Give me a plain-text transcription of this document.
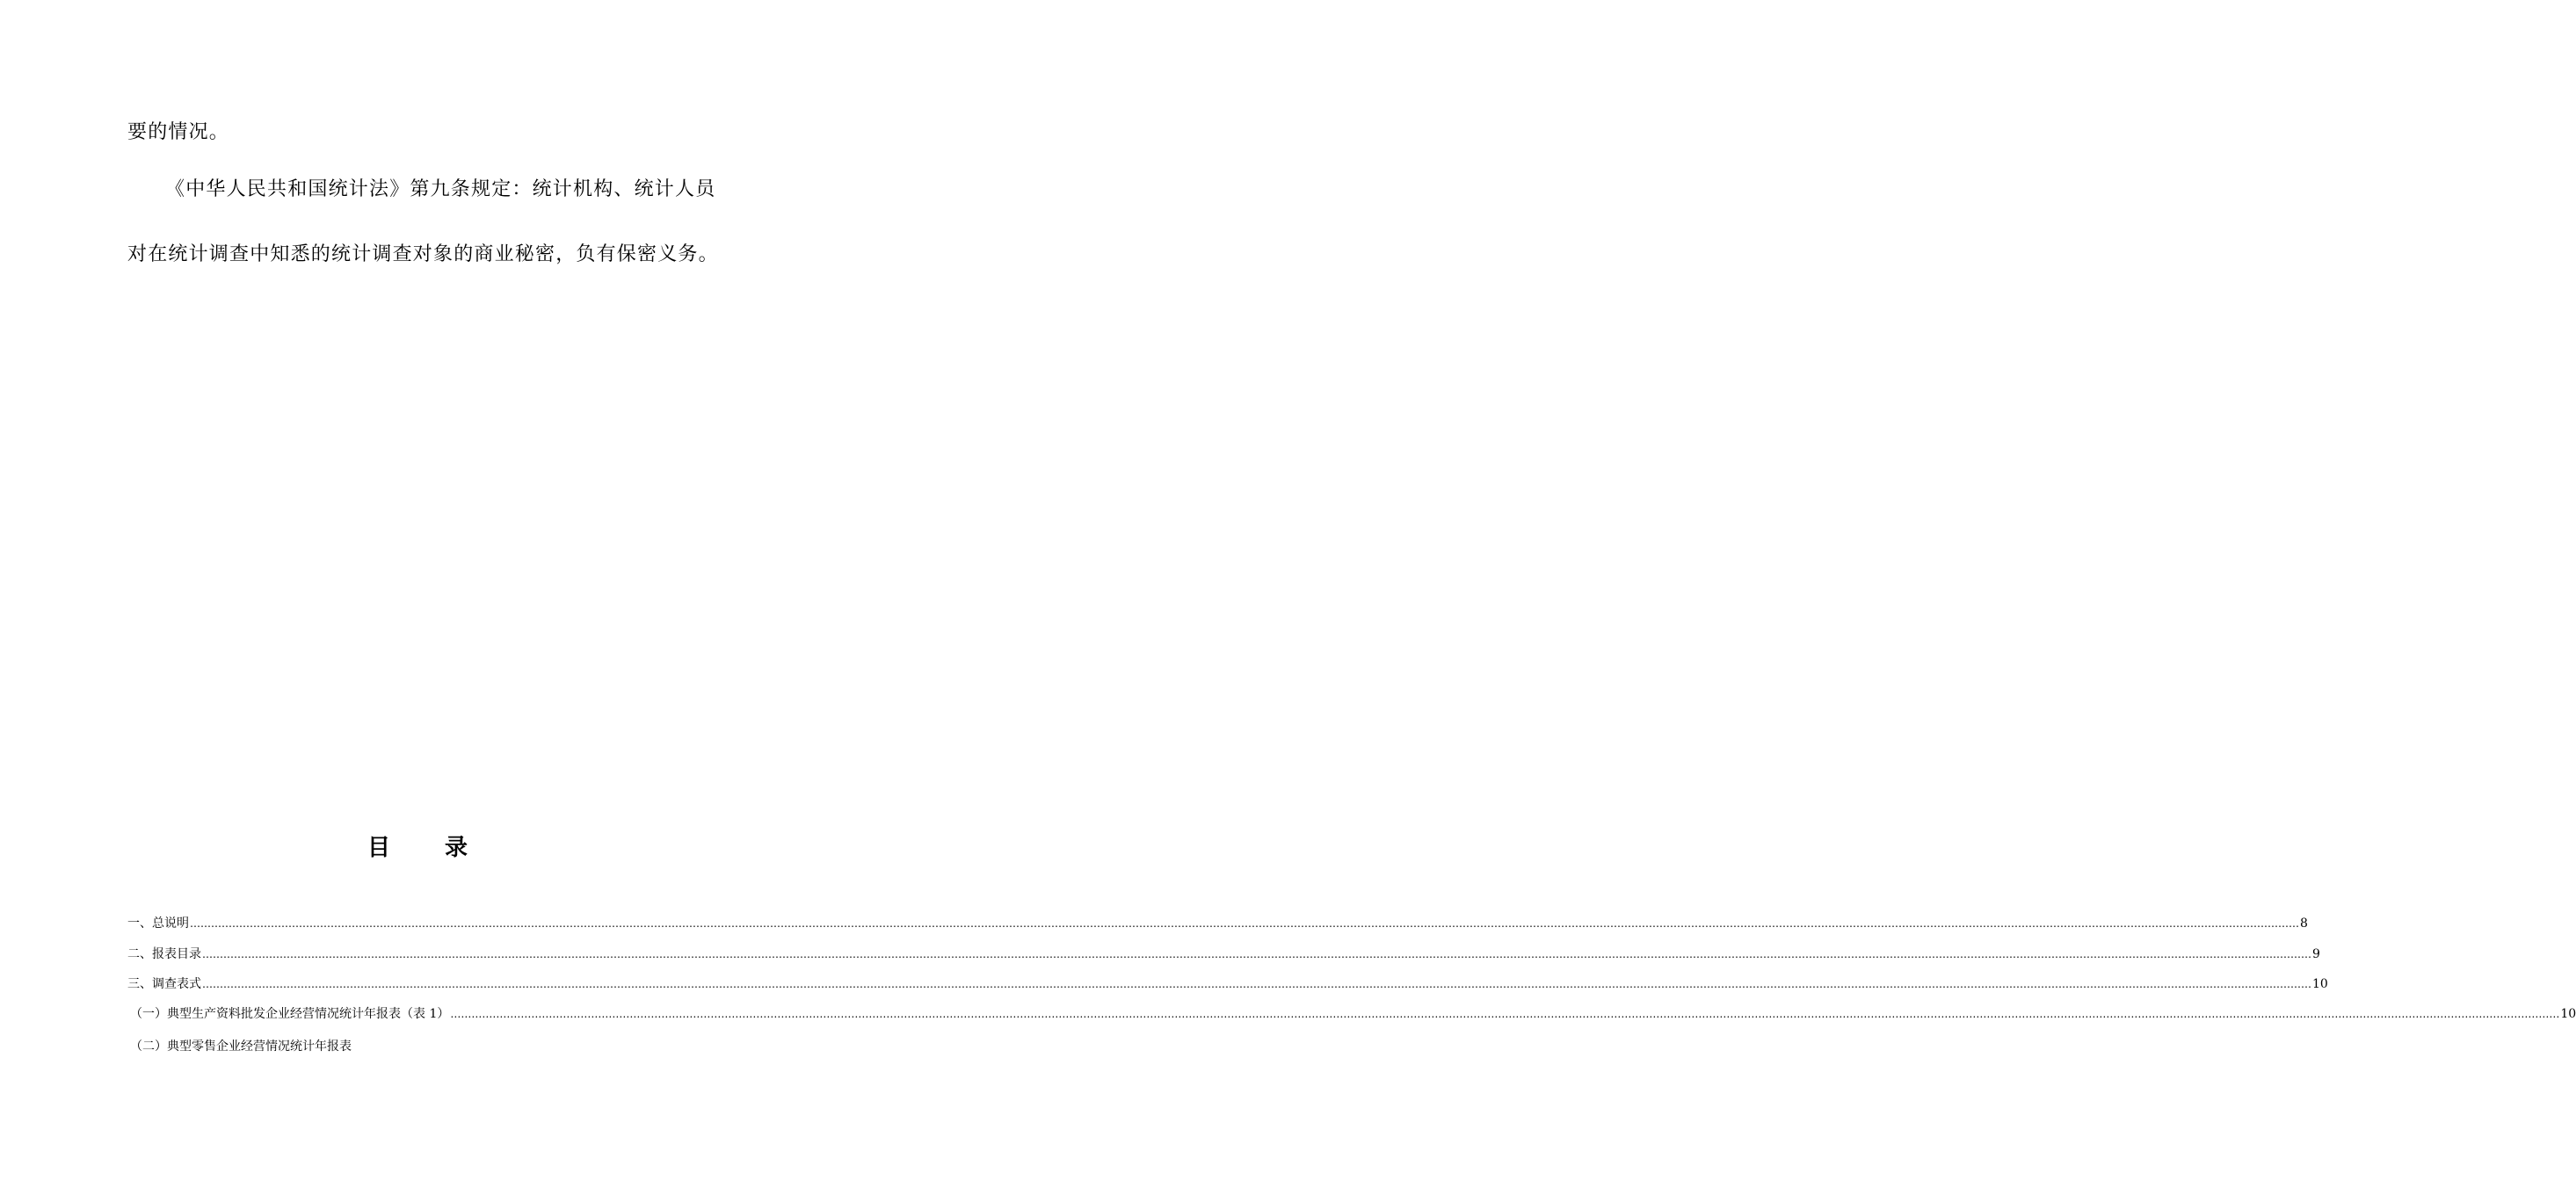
要的情况。
《中华人民共和国统计法》第九条规定：统计机构、统计人员
对在统计调查中知悉的统计调查对象的商业秘密，负有保密义务。
目 录
一、总说明 …………………………………………………………………………………………………………………………………………………………………………………………………………………………………………………………………………………………………………………………………………………………………………………………………………………………………………………………………………………………………………………………………………………… 8
二、报表目录 …………………………………………………………………………………………………………………………………………………………………………………………………………………………………………………………………………………………………………………………………………………………………………………………………………………………………………………………………………………………………………………………………………………… 9
三、调查表式 …………………………………………………………………………………………………………………………………………………………………………………………………………………………………………………………………………………………………………………………………………………………………………………………………………………………………………………………………………………………………………………………………………………… 10
（一）典型生产资料批发企业经营情况统计年报表（表 1） …………………………………………………………………………………………………………………………………………………………………………………………………………………………………………………………………………………………………………………………………………………………………………………………………………………………………………………………………………………………………………………………………………………… 10
（二）典型零售企业经营情况统计年报表
